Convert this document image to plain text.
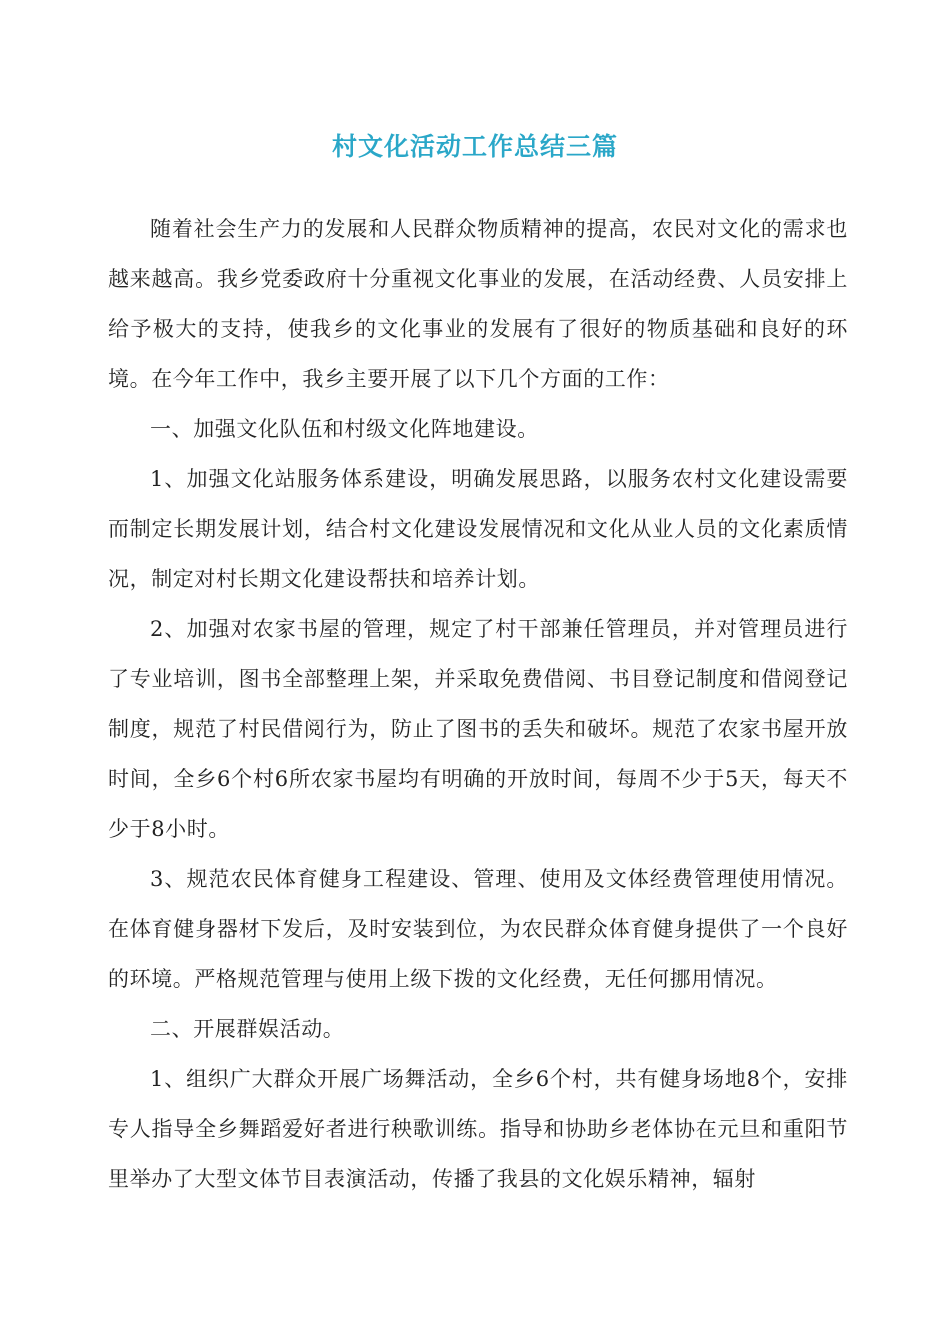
村文化活动工作总结三篇

随着社会生产力的发展和人民群众物质精神的提高，农民对文化的需求也越来越高。我乡党委政府十分重视文化事业的发展，在活动经费、人员安排上给予极大的支持，使我乡的文化事业的发展有了很好的物质基础和良好的环境。在今年工作中，我乡主要开展了以下几个方面的工作：

一、加强文化队伍和村级文化阵地建设。

1、加强文化站服务体系建设，明确发展思路，以服务农村文化建设需要而制定长期发展计划，结合村文化建设发展情况和文化从业人员的文化素质情况，制定对村长期文化建设帮扶和培养计划。

2、加强对农家书屋的管理，规定了村干部兼任管理员，并对管理员进行了专业培训，图书全部整理上架，并采取免费借阅、书目登记制度和借阅登记制度，规范了村民借阅行为，防止了图书的丢失和破坏。规范了农家书屋开放时间，全乡6个村6所农家书屋均有明确的开放时间，每周不少于5天，每天不少于8小时。

3、规范农民体育健身工程建设、管理、使用及文体经费管理使用情况。在体育健身器材下发后，及时安装到位，为农民群众体育健身提供了一个良好的环境。严格规范管理与使用上级下拨的文化经费，无任何挪用情况。

二、开展群娱活动。

1、组织广大群众开展广场舞活动，全乡6个村，共有健身场地8个，安排专人指导全乡舞蹈爱好者进行秧歌训练。指导和协助乡老体协在元旦和重阳节里举办了大型文体节目表演活动，传播了我县的文化娱乐精神，辐射
